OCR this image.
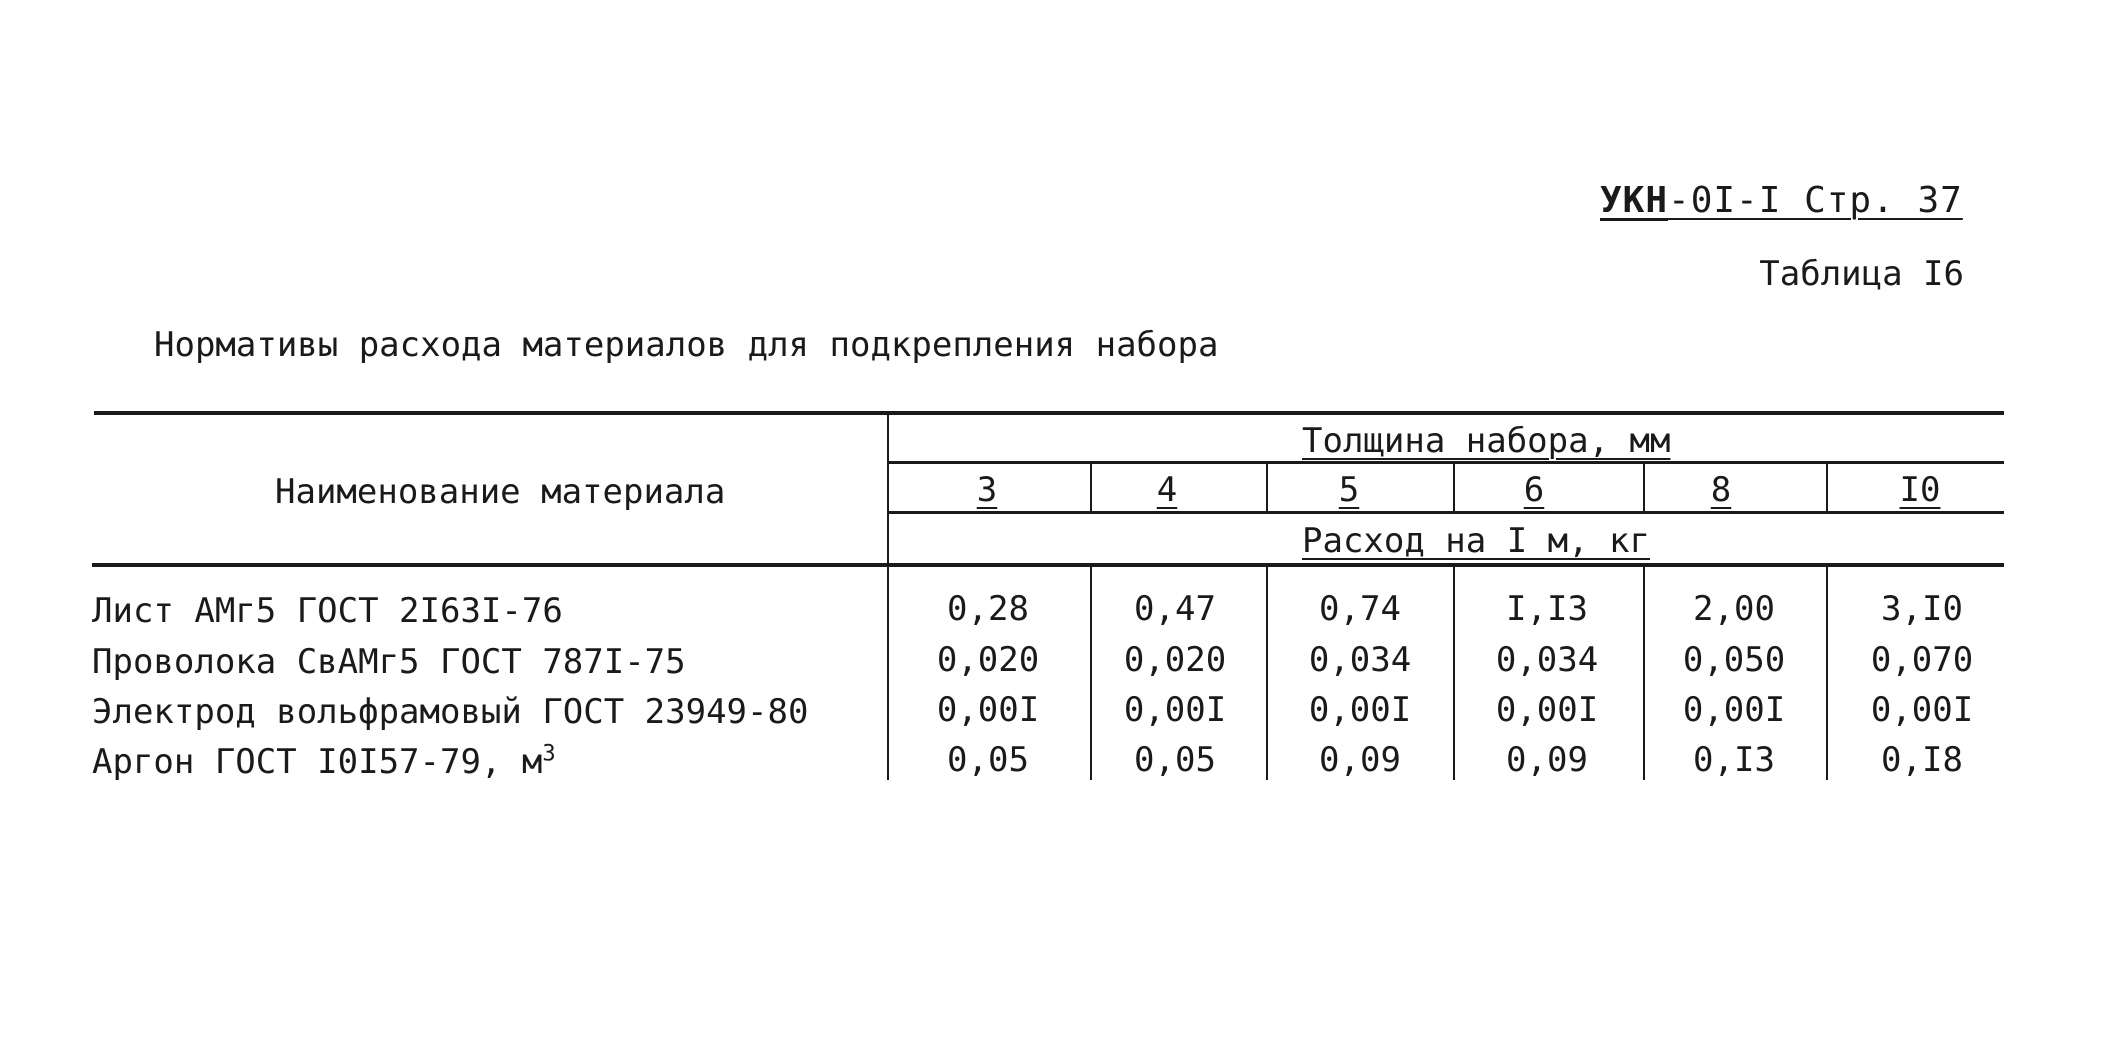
УКН-0I-I Стр. 37
Таблица I6
Нормативы расхода материалов для подкрепления набора
Наименование материала
Толщина набора, мм
3	4	5	6	8	I0
Расход на I м, кг
Лист АМг5 ГОСТ 2I63I-76	0,28	0,47	0,74	I,I3	2,00	3,I0
Проволока СвАМг5 ГОСТ 787I-75	0,020	0,020	0,034	0,034	0,050	0,070
Электрод вольфрамовый ГОСТ 23949-80	0,00I	0,00I	0,00I	0,00I	0,00I	0,00I
Аргон ГОСТ I0I57-79, $м^3$	0,05	0,05	0,09	0,09	0,I3	0,I8
